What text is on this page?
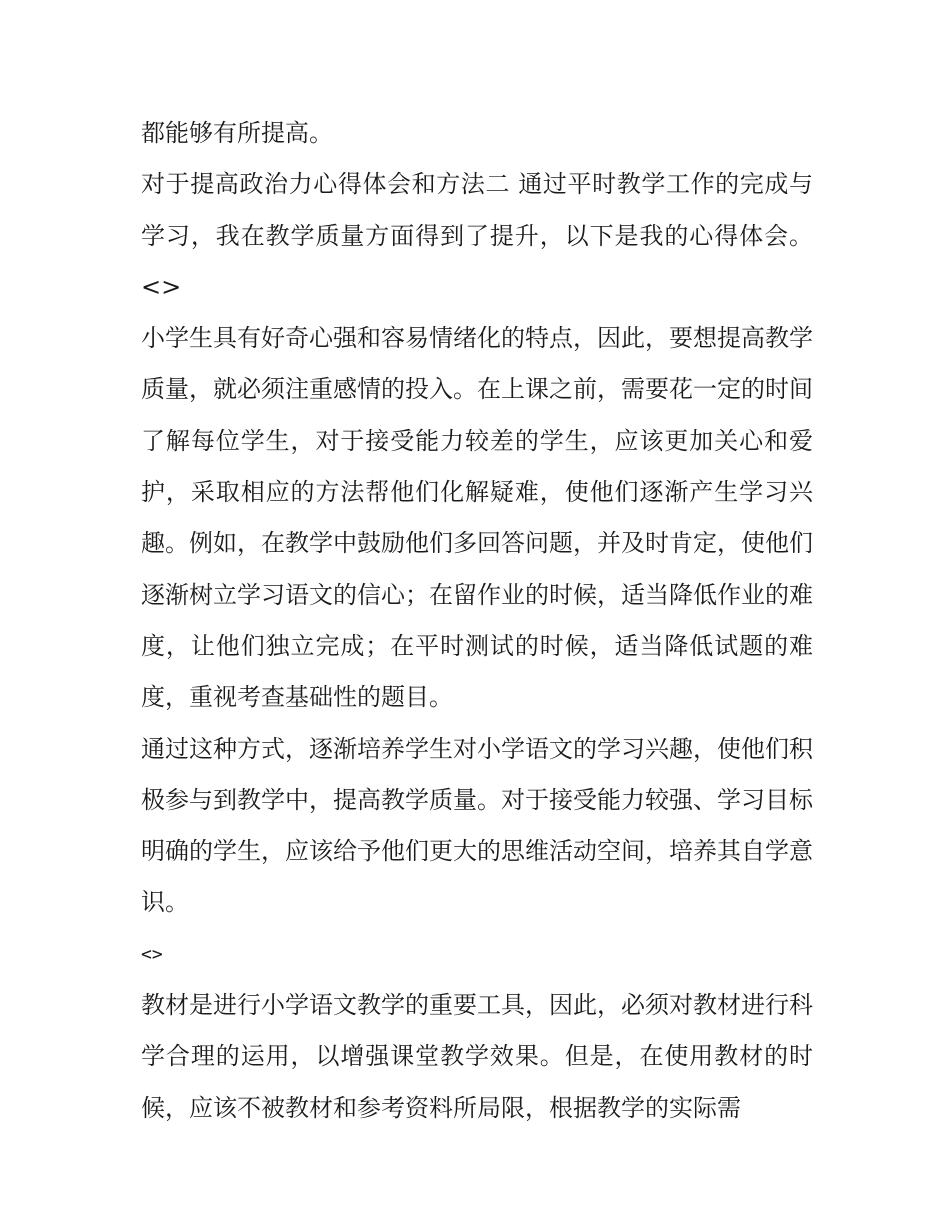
都能够有所提高。

对于提高政治力心得体会和方法二 通过平时教学工作的完成与学习，我在教学质量方面得到了提升，以下是我的心得体会。 <>

小学生具有好奇心强和容易情绪化的特点，因此，要想提高教学质量，就必须注重感情的投入。在上课之前，需要花一定的时间了解每位学生，对于接受能力较差的学生，应该更加关心和爱护，采取相应的方法帮他们化解疑难，使他们逐渐产生学习兴趣。例如，在教学中鼓励他们多回答问题，并及时肯定，使他们逐渐树立学习语文的信心；在留作业的时候，适当降低作业的难度，让他们独立完成；在平时测试的时候，适当降低试题的难度，重视考查基础性的题目。

通过这种方式，逐渐培养学生对小学语文的学习兴趣，使他们积极参与到教学中，提高教学质量。对于接受能力较强、学习目标明确的学生，应该给予他们更大的思维活动空间，培养其自学意识。

<>

教材是进行小学语文教学的重要工具，因此，必须对教材进行科学合理的运用，以增强课堂教学效果。但是，在使用教材的时候，应该不被教材和参考资料所局限，根据教学的实际需
